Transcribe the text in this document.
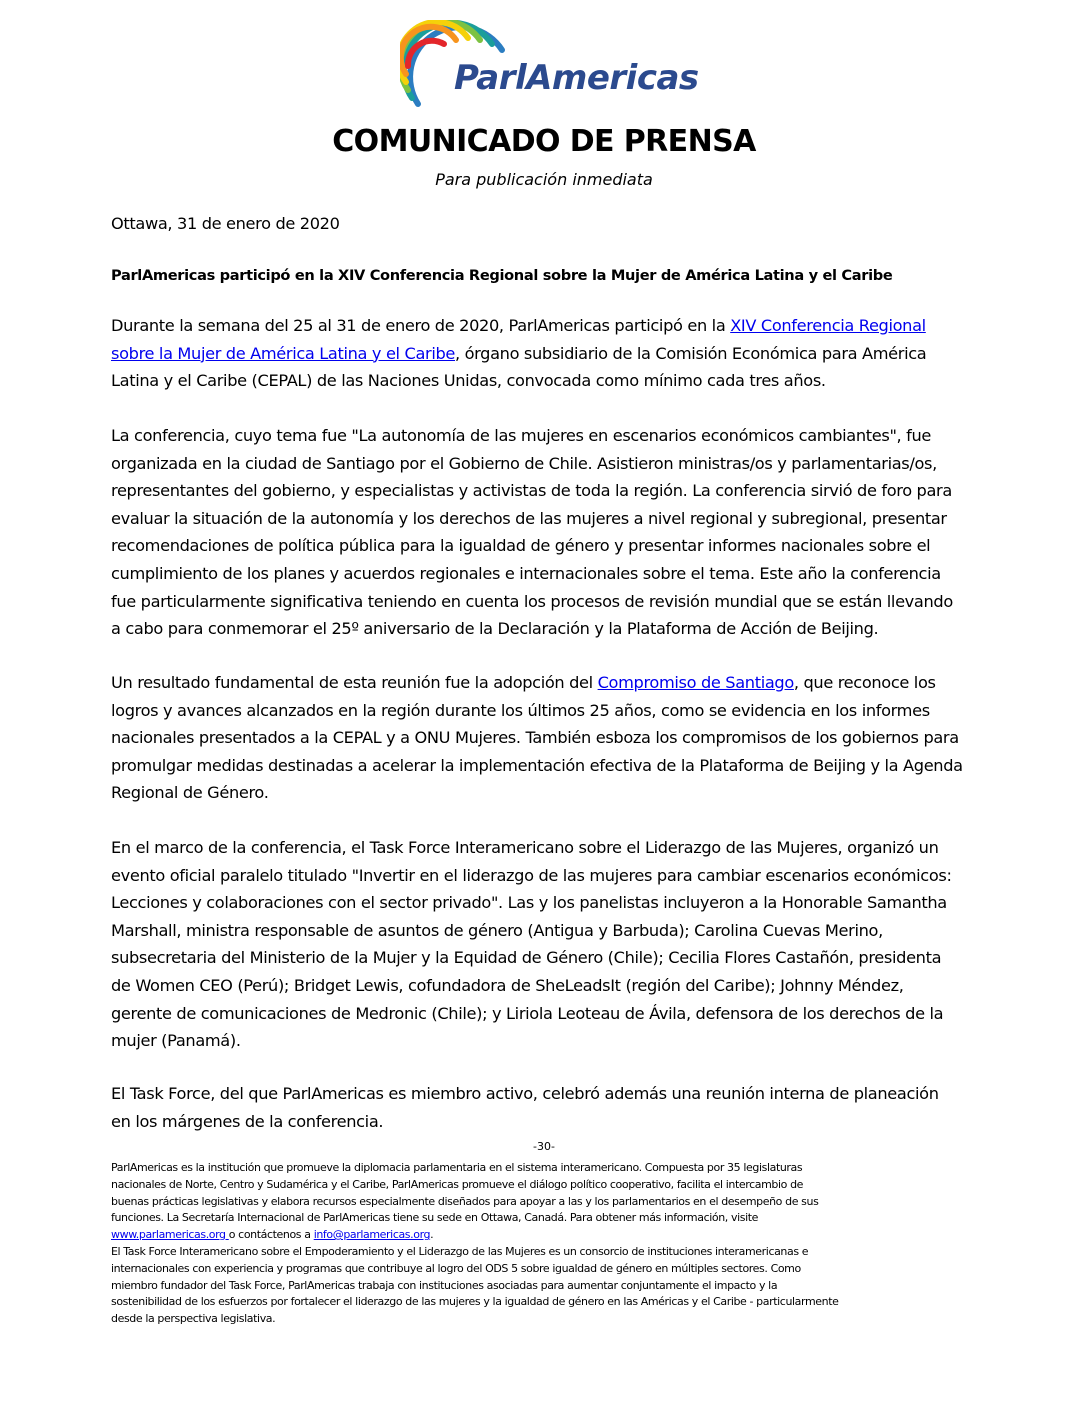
ParlAmericas
COMUNICADO DE PRENSA
Para publicación inmediata
Ottawa, 31 de enero de 2020
ParlAmericas participó en la XIV Conferencia Regional sobre la Mujer de América Latina y el Caribe
Durante la semana del 25 al 31 de enero de 2020, ParlAmericas participó en la XIV Conferencia Regional
sobre la Mujer de América Latina y el Caribe, órgano subsidiario de la Comisión Económica para América
Latina y el Caribe (CEPAL) de las Naciones Unidas, convocada como mínimo cada tres años.
La conferencia, cuyo tema fue "La autonomía de las mujeres en escenarios económicos cambiantes", fue
organizada en la ciudad de Santiago por el Gobierno de Chile. Asistieron ministras/os y parlamentarias/os,
representantes del gobierno, y especialistas y activistas de toda la región. La conferencia sirvió de foro para
evaluar la situación de la autonomía y los derechos de las mujeres a nivel regional y subregional, presentar
recomendaciones de política pública para la igualdad de género y presentar informes nacionales sobre el
cumplimiento de los planes y acuerdos regionales e internacionales sobre el tema. Este año la conferencia
fue particularmente significativa teniendo en cuenta los procesos de revisión mundial que se están llevando
a cabo para conmemorar el 25º aniversario de la Declaración y la Plataforma de Acción de Beijing.
Un resultado fundamental de esta reunión fue la adopción del Compromiso de Santiago, que reconoce los
logros y avances alcanzados en la región durante los últimos 25 años, como se evidencia en los informes
nacionales presentados a la CEPAL y a ONU Mujeres. También esboza los compromisos de los gobiernos para
promulgar medidas destinadas a acelerar la implementación efectiva de la Plataforma de Beijing y la Agenda
Regional de Género.
En el marco de la conferencia, el Task Force Interamericano sobre el Liderazgo de las Mujeres, organizó un
evento oficial paralelo titulado "Invertir en el liderazgo de las mujeres para cambiar escenarios económicos:
Lecciones y colaboraciones con el sector privado". Las y los panelistas incluyeron a la Honorable Samantha
Marshall, ministra responsable de asuntos de género (Antigua y Barbuda); Carolina Cuevas Merino,
subsecretaria del Ministerio de la Mujer y la Equidad de Género (Chile); Cecilia Flores Castañón, presidenta
de Women CEO (Perú); Bridget Lewis, cofundadora de SheLeadsIt (región del Caribe); Johnny Méndez,
gerente de comunicaciones de Medronic (Chile); y Liriola Leoteau de Ávila, defensora de los derechos de la
mujer (Panamá).
El Task Force, del que ParlAmericas es miembro activo, celebró además una reunión interna de planeación
en los márgenes de la conferencia.
-30-
ParlAmericas es la institución que promueve la diplomacia parlamentaria en el sistema interamericano. Compuesta por 35 legislaturas
nacionales de Norte, Centro y Sudamérica y el Caribe, ParlAmericas promueve el diálogo político cooperativo, facilita el intercambio de
buenas prácticas legislativas y elabora recursos especialmente diseñados para apoyar a las y los parlamentarios en el desempeño de sus
funciones. La Secretaría Internacional de ParlAmericas tiene su sede en Ottawa, Canadá. Para obtener más información, visite
www.parlamericas.org o contáctenos a info@parlamericas.org.
El Task Force Interamericano sobre el Empoderamiento y el Liderazgo de las Mujeres es un consorcio de instituciones interamericanas e
internacionales con experiencia y programas que contribuye al logro del ODS 5 sobre igualdad de género en múltiples sectores. Como
miembro fundador del Task Force, ParlAmericas trabaja con instituciones asociadas para aumentar conjuntamente el impacto y la
sostenibilidad de los esfuerzos por fortalecer el liderazgo de las mujeres y la igualdad de género en las Américas y el Caribe - particularmente
desde la perspectiva legislativa.
